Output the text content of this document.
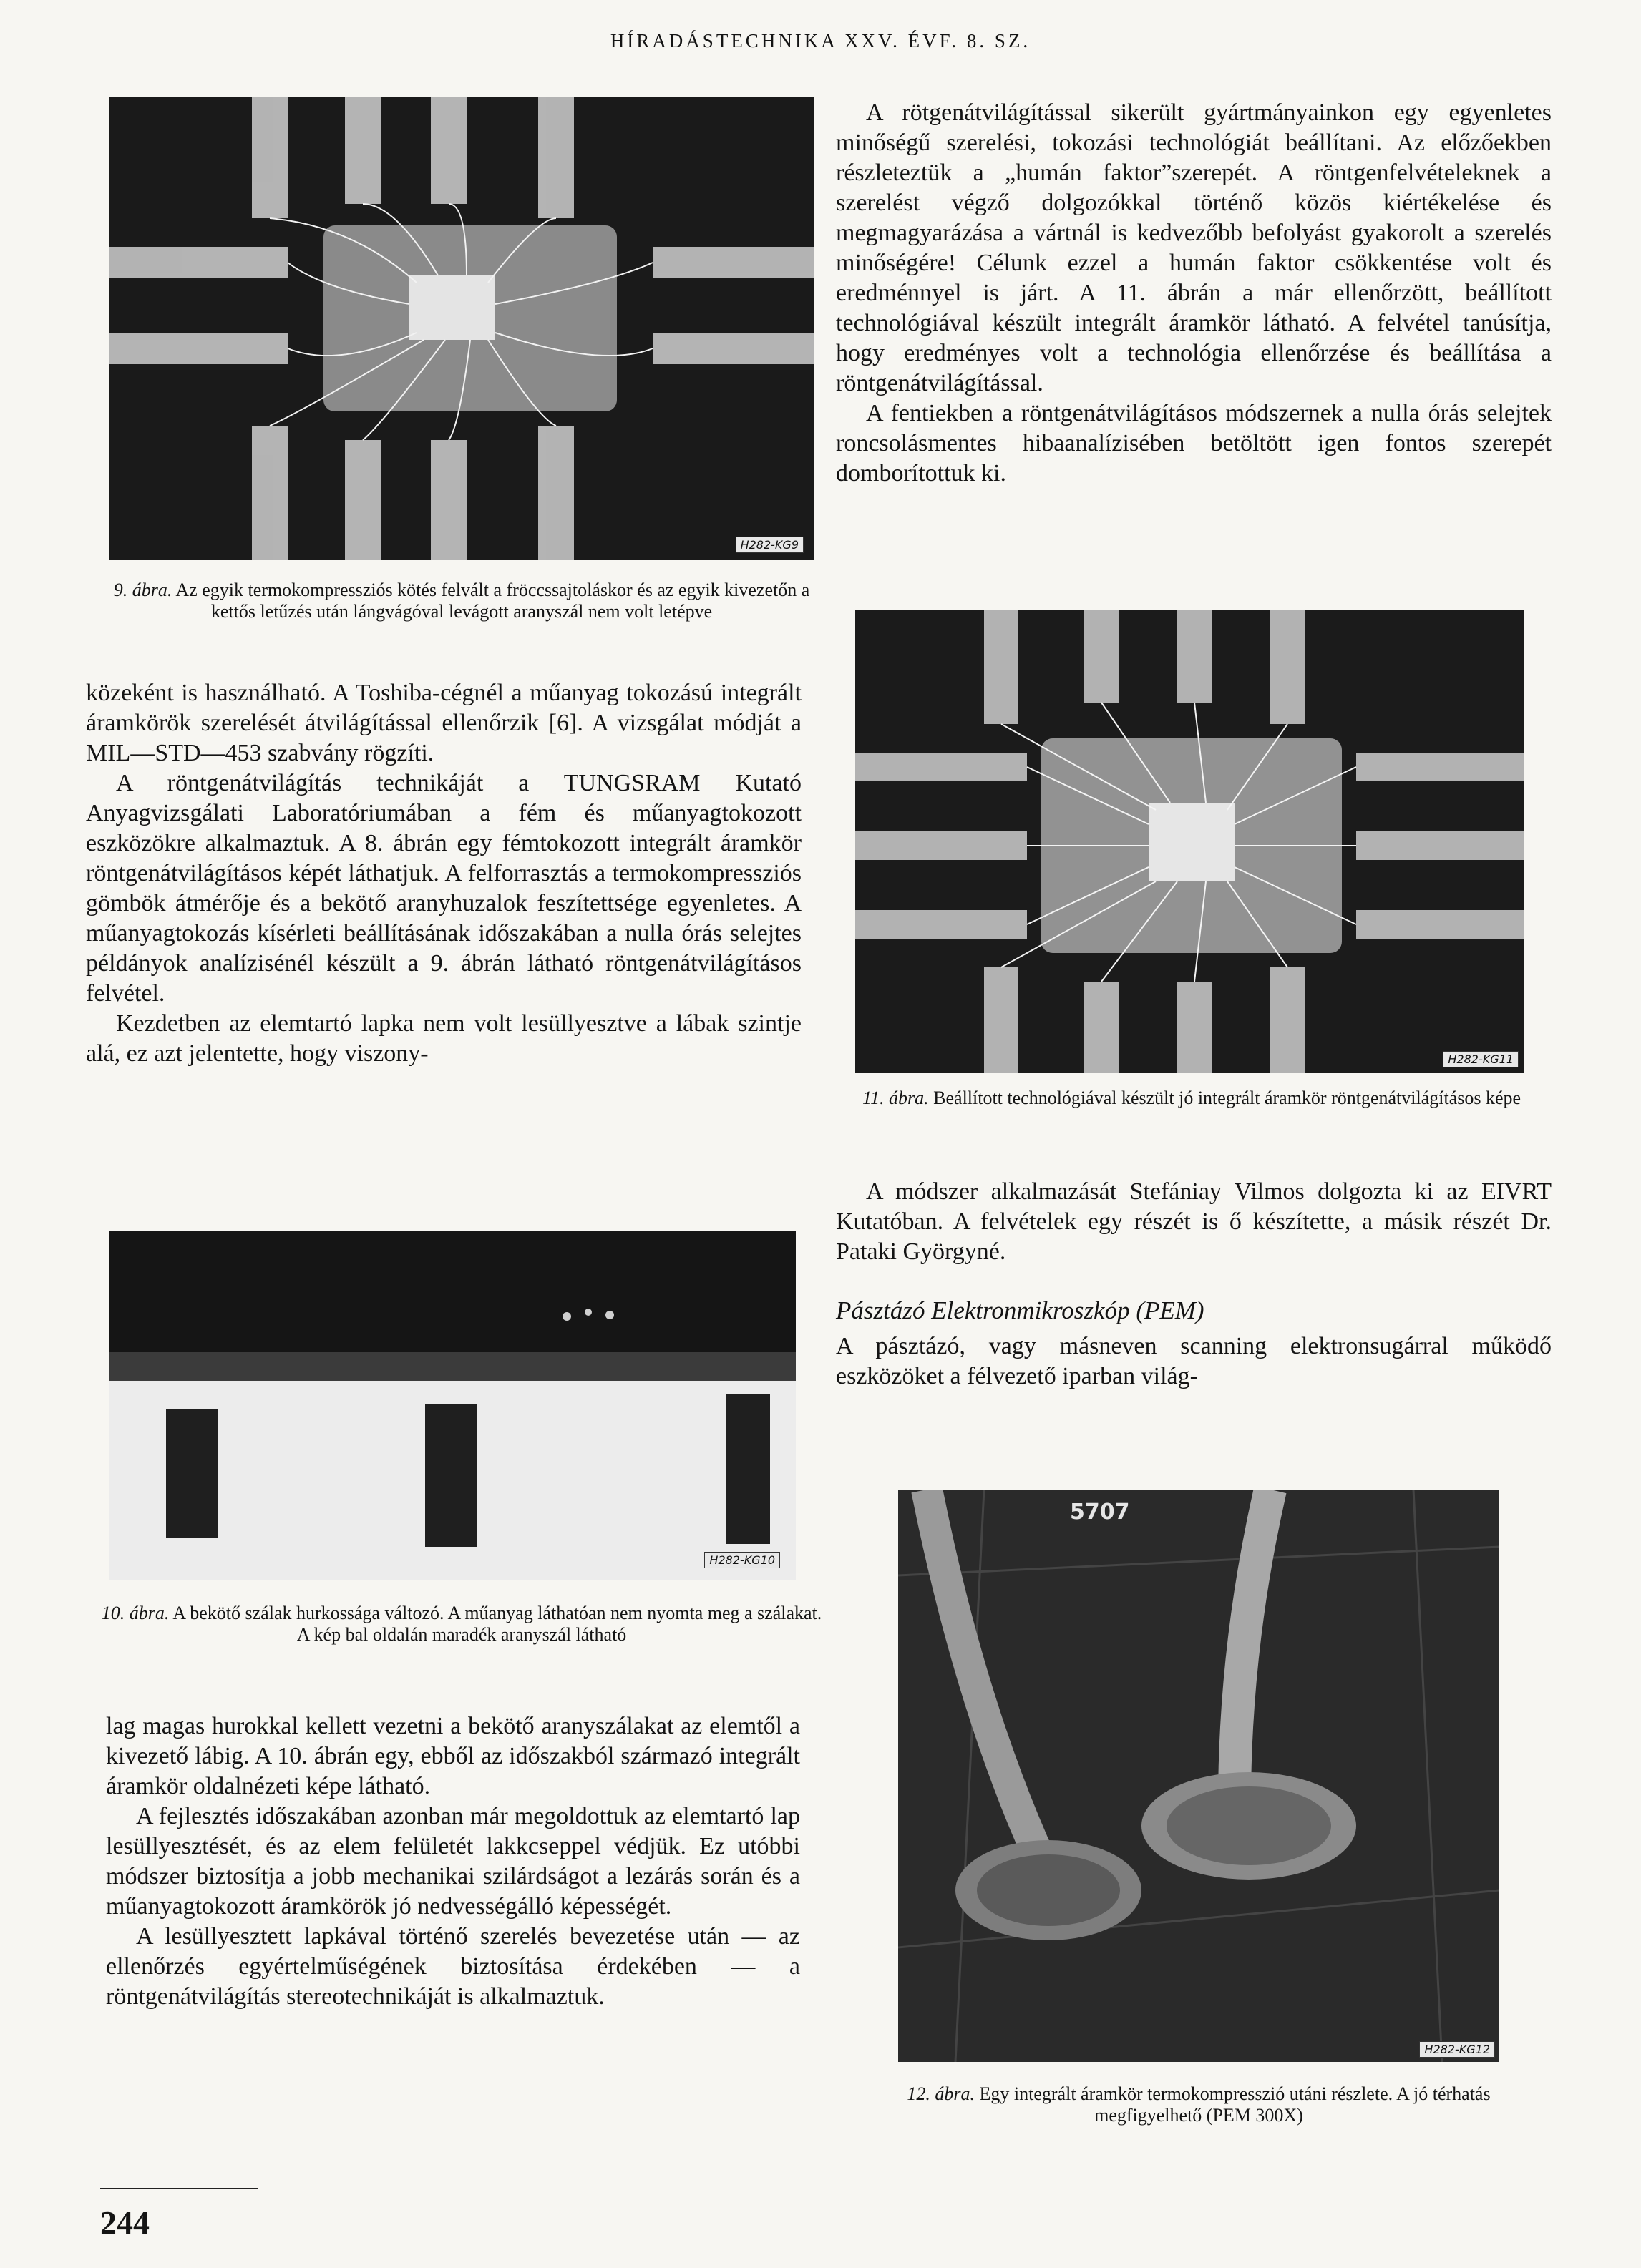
HÍRADÁSTECHNIKA XXV. ÉVF. 8. SZ.
H282-KG9

9. ábra. Az egyik termokompressziós kötés felvált a fröccssajtoláskor és az egyik kivezetőn a kettős letűzés után lángvágóval levágott aranyszál nem volt letépve

közeként is használható. A Toshiba-cégnél a műanyag tokozású integrált áramkörök szerelését átvilágítással ellenőrzik [6]. A vizsgálat módját a MIL—STD—453 szabvány rögzíti.

A röntgenátvilágítás technikáját a TUNGSRAM Kutató Anyagvizsgálati Laboratóriumában a fém és műanyagtokozott eszközökre alkalmaztuk. A 8. ábrán egy fémtokozott integrált áramkör röntgenátvilágításos képét láthatjuk. A felforrasztás a termokompressziós gömbök átmérője és a bekötő aranyhuzalok feszítettsége egyenletes. A műanyagtokozás kísérleti beállításának időszakában a nulla órás selejtes példányok analízisénél készült a 9. ábrán látható röntgenátvilágításos felvétel.

Kezdetben az elemtartó lapka nem volt lesüllyesztve a lábak szintje alá, ez azt jelentette, hogy viszony-

H282-KG10

10. ábra. A bekötő szálak hurkossága változó. A műanyag láthatóan nem nyomta meg a szálakat. A kép bal oldalán maradék aranyszál látható

lag magas hurokkal kellett vezetni a bekötő aranyszálakat az elemtől a kivezető lábig. A 10. ábrán egy, ebből az időszakból származó integrált áramkör oldalnézeti képe látható.

A fejlesztés időszakában azonban már megoldottuk az elemtartó lap lesüllyesztését, és az elem felületét lakkcseppel védjük. Ez utóbbi módszer biztosítja a jobb mechanikai szilárdságot a lezárás során és a műanyagtokozott áramkörök jó nedvességálló képességét.

A lesüllyesztett lapkával történő szerelés bevezetése után — az ellenőrzés egyértelműségének biztosítása érdekében — a röntgenátvilágítás stereotechnikáját is alkalmaztuk.

A rötgenátvilágítással sikerült gyártmányainkon egy egyenletes minőségű szerelési, tokozási technológiát beállítani. Az előzőekben részleteztük a „humán faktor”szerepét. A röntgenfelvételeknek a szerelést végző dolgozókkal történő közös kiértékelése és megmagyarázása a vártnál is kedvezőbb befolyást gyakorolt a szerelés minőségére! Célunk ezzel a humán faktor csökkentése volt és eredménnyel is járt. A 11. ábrán a már ellenőrzött, beállított technológiával készült integrált áramkör látható. A felvétel tanúsítja, hogy eredményes volt a technológia ellenőrzése és beállítása a röntgenátvilágítással.

A fentiekben a röntgenátvilágításos módszernek a nulla órás selejtek roncsolásmentes hibaanalízisében betöltött igen fontos szerepét domborítottuk ki.

H282-KG11

11. ábra. Beállított technológiával készült jó integrált áramkör röntgenátvilágításos képe

A módszer alkalmazását Stefániay Vilmos dolgozta ki az EIVRT Kutatóban. A felvételek egy részét is ő készítette, a másik részét Dr. Pataki Györgyné.

Pásztázó Elektronmikroszkóp (PEM)

A pásztázó, vagy másneven scanning elektronsugárral működő eszközöket a félvezető iparban világ-

5707
H282-KG12

12. ábra. Egy integrált áramkör termokompresszió utáni részlete. A jó térhatás megfigyelhető (PEM 300X)

244
